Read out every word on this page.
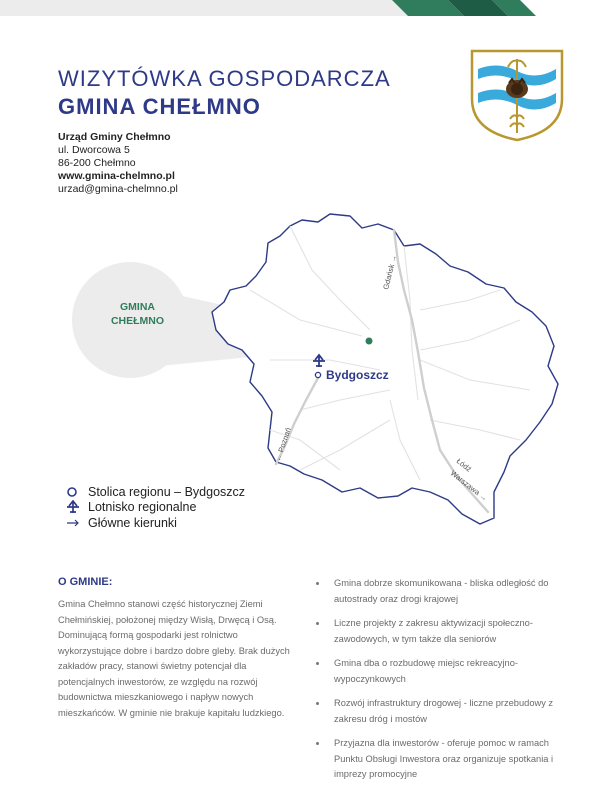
WIZYTÓWKA GOSPODARCZA
GMINA CHEŁMNO
Urząd Gminy Chełmno
ul. Dworcowa 5
86-200 Chełmno
www.gmina-chelmno.pl
urzad@gmina-chelmno.pl
Bydgoszcz
Gdańsk →
← Poznań
Łódź
Warszawa →
GMINA
CHEŁMNO
Stolica regionu – Bydgoszcz
Lotnisko regionalne
Główne kierunki
O GMINIE:
Gmina Chełmno stanowi część historycznej Ziemi Chełmińskiej, położonej między Wisłą, Drwęcą i Osą. Dominującą formą gospodarki jest rolnictwo wykorzystujące dobre i bardzo dobre gleby. Brak dużych zakładów pracy, stanowi świetny potencjał dla potencjalnych inwestorów, ze względu na rozwój budownictwa mieszkaniowego i napływ nowych mieszkańców. W gminie nie brakuje kapitału ludzkiego.
Gmina dobrze skomunikowana - bliska odległość do autostrady oraz drogi krajowej
Liczne projekty z zakresu aktywizacji społeczno-zawodowych, w tym także dla seniorów
Gmina dba o rozbudowę miejsc rekreacyjno-wypoczynkowych
Rozwój infrastruktury drogowej - liczne przebudowy z zakresu dróg i mostów
Przyjazna dla inwestorów - oferuje pomoc w ramach Punktu Obsługi Inwestora oraz organizuje spotkania i imprezy promocyjne
